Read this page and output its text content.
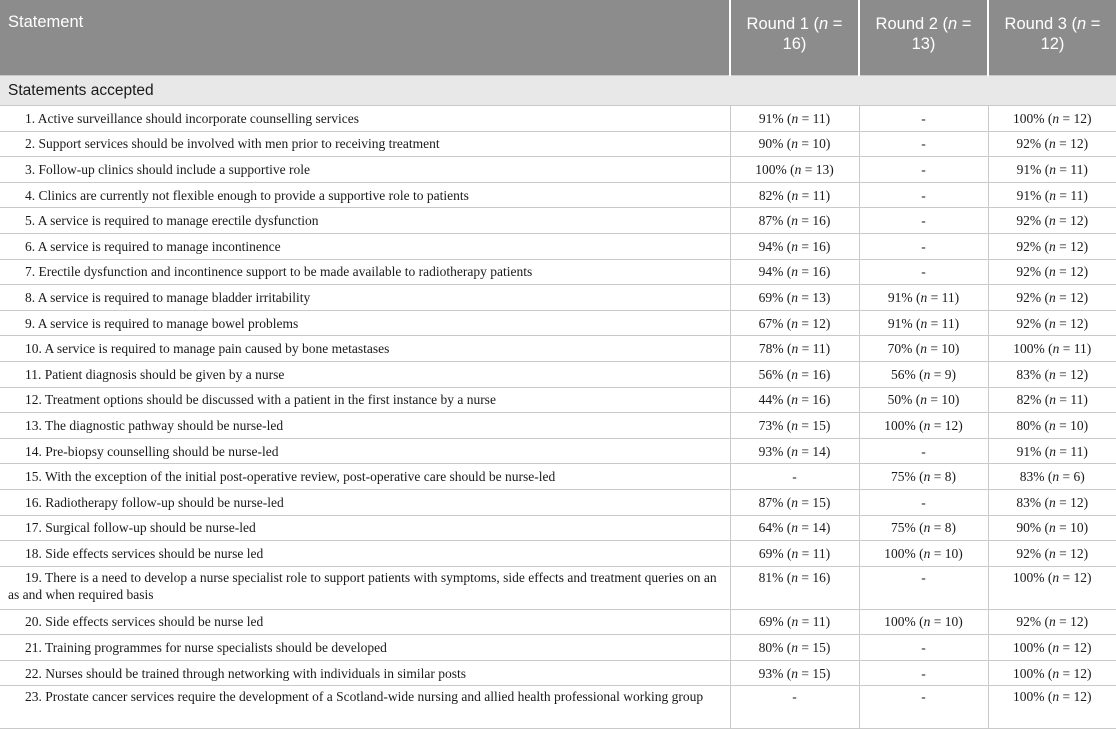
Statement	Round 1 (n = 16)	Round 2 (n = 13)	Round 3 (n = 12)
Statements accepted			
1. Active surveillance should incorporate counselling services	91% (n = 11)	-	100% (n = 12)
2. Support services should be involved with men prior to receiving treatment	90% (n = 10)	-	92% (n = 12)
3. Follow-up clinics should include a supportive role	100% (n = 13)	-	91% (n = 11)
4. Clinics are currently not flexible enough to provide a supportive role to patients	82% (n = 11)	-	91% (n = 11)
5. A service is required to manage erectile dysfunction	87% (n = 16)	-	92% (n = 12)
6. A service is required to manage incontinence	94% (n = 16)	-	92% (n = 12)
7. Erectile dysfunction and incontinence support to be made available to radiotherapy patients	94% (n = 16)	-	92% (n = 12)
8. A service is required to manage bladder irritability	69% (n = 13)	91% (n = 11)	92% (n = 12)
9. A service is required to manage bowel problems	67% (n = 12)	91% (n = 11)	92% (n = 12)
10. A service is required to manage pain caused by bone metastases	78% (n = 11)	70% (n = 10)	100% (n = 11)
11. Patient diagnosis should be given by a nurse	56% (n = 16)	56% (n = 9)	83% (n = 12)
12. Treatment options should be discussed with a patient in the first instance by a nurse	44% (n = 16)	50% (n = 10)	82% (n = 11)
13. The diagnostic pathway should be nurse-led	73% (n = 15)	100% (n = 12)	80% (n = 10)
14. Pre-biopsy counselling should be nurse-led	93% (n = 14)	-	91% (n = 11)
15. With the exception of the initial post-operative review, post-operative care should be nurse-led	-	75% (n = 8)	83% (n = 6)
16. Radiotherapy follow-up should be nurse-led	87% (n = 15)	-	83% (n = 12)
17. Surgical follow-up should be nurse-led	64% (n = 14)	75% (n = 8)	90% (n = 10)
18. Side effects services should be nurse led	69% (n = 11)	100% (n = 10)	92% (n = 12)
19. There is a need to develop a nurse specialist role to support patients with symptoms, side effects and treatment queries on an as and when required basis	81% (n = 16)	-	100% (n = 12)
20. Side effects services should be nurse led	69% (n = 11)	100% (n = 10)	92% (n = 12)
21. Training programmes for nurse specialists should be developed	80% (n = 15)	-	100% (n = 12)
22. Nurses should be trained through networking with individuals in similar posts	93% (n = 15)	-	100% (n = 12)
23. Prostate cancer services require the development of a Scotland-wide nursing and allied health professional working group	-	-	100% (n = 12)
